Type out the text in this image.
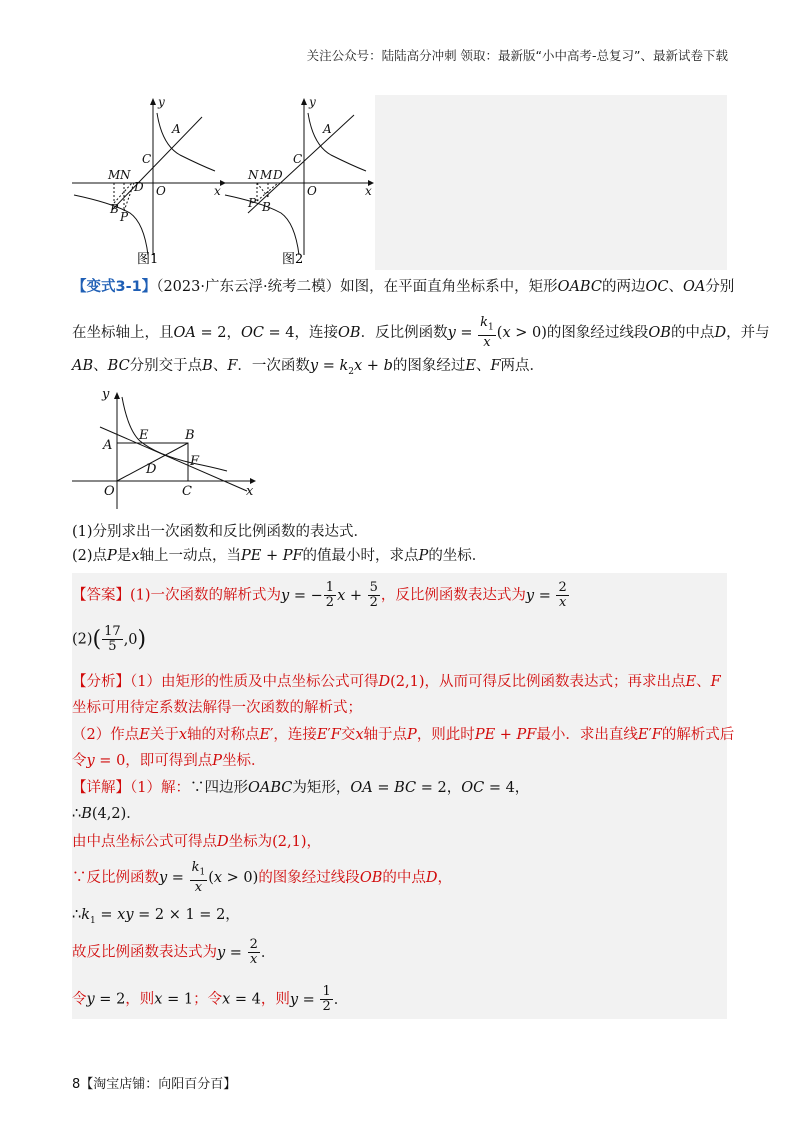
关注公众号：陆陆高分冲刺 领取：最新版“小中高考-总复习”、最新试卷下载
y
x
O
A
C
M N
D
B
P
图1
y
x
O
A
C
N M D
P B
图2
【变式3-1】（2023·广东云浮·统考二模）如图，在平面直角坐标系中，矩形OABC的两边OC、OA分别
在坐标轴上，且OA = 2，OC = 4，连接OB．反比例函数$y = \frac{k_1}{x} (x > 0)$的图象经过线段OB的中点D，并与
AB、BC分别交于点B、F．一次函数$y = k_2x + b$的图象经过E、F两点．
y
A
E	B
D
F
O	C	x
(1)分别求出一次函数和反比例函数的表达式．
(2)点P是x轴上一动点，当PE + PF的值最小时，求点P的坐标．
【答案】(1)一次函数的解析式为y = − $\frac{1}{2}$ $x + \frac{5}{2}$ ，反比例函数表达式为$y = \frac{2}{x}$
$(2)( \frac{17}{5} ,0)$
【分析】（1）由矩形的性质及中点坐标公式可得D(2,1)，从而可得反比例函数表达式；再求出点E、F
坐标可用待定系数法解得一次函数的解析式；
（2）作点E关于x轴的对称点E′，连接E′F交x轴于点P，则此时PE + PF最小．求出直线E′F的解析式后
令y = 0，即可得到点P坐标．
【详解】（1）解：∵四边形OABC为矩形，OA = BC = 2，OC = 4，
∴B(4,2)．
由中点坐标公式可得点D坐标为(2,1)，
∵反比例函数$y = \frac{k_1}{x} (x > 0)$的图象经过线段OB的中点D，
$\therefore k_1$ = xy = 2 × 1 = 2，
故反比例函数表达式为$y = \frac{2}{x}$ ．
令y = 2，则x = 1；令x = 4，则$y = \frac{1}{2}$ ．
8【淘宝店铺：向阳百分百】
